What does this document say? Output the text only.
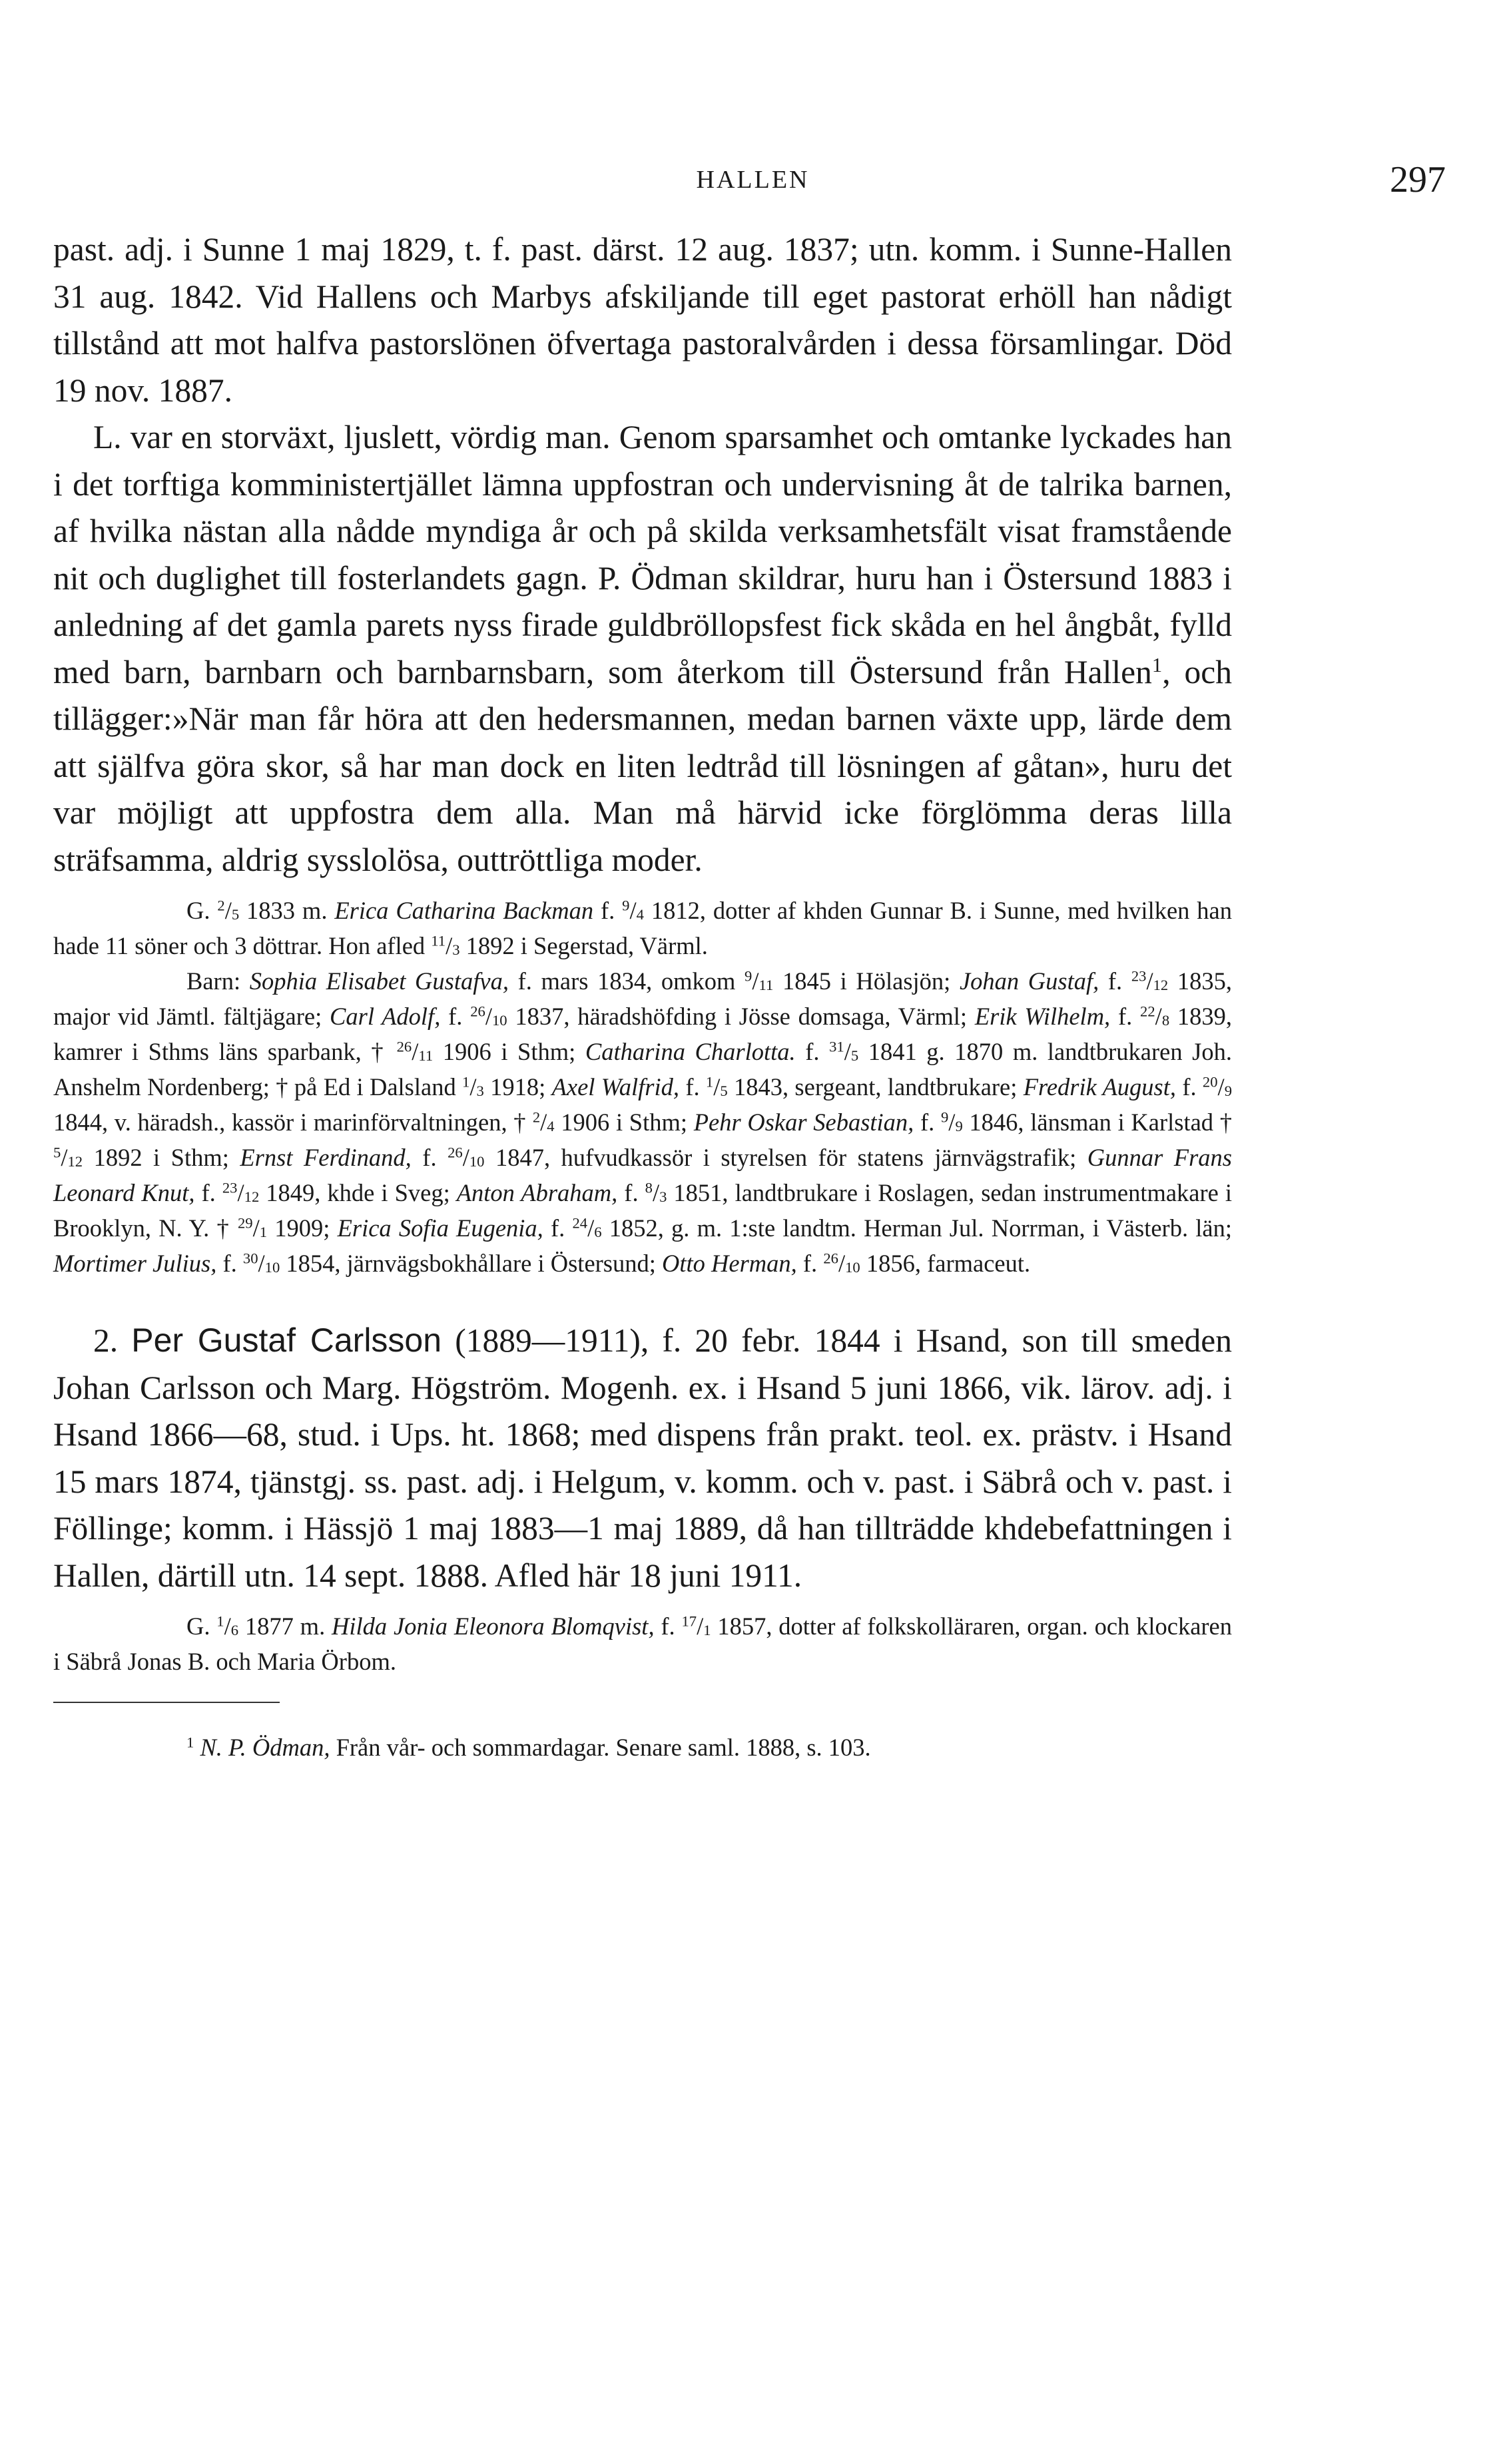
HALLEN	297

past. adj. i Sunne 1 maj 1829, t. f. past. därst. 12 aug. 1837; utn. komm. i Sunne-Hallen 31 aug. 1842. Vid Hallens och Marbys afskiljande till eget pastorat erhöll han nådigt tillstånd att mot halfva pastorslönen öfvertaga pastoralvården i dessa församlingar. Död 19 nov. 1887.

L. var en storväxt, ljuslett, vördig man. Genom sparsamhet och omtanke lyckades han i det torftiga komministertjället lämna uppfostran och undervisning åt de talrika barnen, af hvilka nästan alla nådde myndiga år och på skilda verksamhetsfält visat framstående nit och duglighet till fosterlandets gagn. P. Ödman skildrar, huru han i Östersund 1883 i anledning af det gamla parets nyss firade guldbröllopsfest fick skåda en hel ångbåt, fylld med barn, barnbarn och barnbarnsbarn, som återkom till Östersund från Hallen$^1$, och tillägger:»När man får höra att den hedersmannen, medan barnen växte upp, lärde dem att själfva göra skor, så har man dock en liten ledtråd till lösningen af gåtan», huru det var möjligt att uppfostra dem alla. Man må härvid icke förglömma deras lilla sträfsamma, aldrig sysslolösa, outtröttliga moder.

G. $^2/_5$ 1833 m. Erica Catharina Backman f. $^9/_4$ 1812, dotter af khden Gunnar B. i Sunne, med hvilken han hade 11 söner och 3 döttrar. Hon afled $^{11}/_3$ 1892 i Segerstad, Värml.

Barn: Sophia Elisabet Gustafva, f. mars 1834, omkom $^9/_{11}$ 1845 i Hölasjön; Johan Gustaf, f. $^{23}/_{12}$ 1835, major vid Jämtl. fältjägare; Carl Adolf, f. $^{26}/_{10}$ 1837, häradshöfding i Jösse domsaga, Värml; Erik Wilhelm, f. $^{22}/_8$ 1839, kamrer i Sthms läns sparbank, † $^{26}/_{11}$ 1906 i Sthm; Catharina Charlotta. f. $^{31}/_5$ 1841 g. 1870 m. landtbrukaren Joh. Anshelm Nordenberg; † på Ed i Dalsland $^1/_3$ 1918; Axel Walfrid, f. $^1/_5$ 1843, sergeant, landtbrukare; Fredrik August, f. $^{20}/_9$ 1844, v. häradsh., kassör i marinförvaltningen, † $^2/_4$ 1906 i Sthm; Pehr Oskar Sebastian, f. $^9/_9$ 1846, länsman i Karlstad † $^5/_{12}$ 1892 i Sthm; Ernst Ferdinand, f. $^{26}/_{10}$ 1847, hufvudkassör i styrelsen för statens järnvägstrafik; Gunnar Frans Leonard Knut, f. $^{23}/_{12}$ 1849, khde i Sveg; Anton Abraham, f. $^8/_3$ 1851, landtbrukare i Roslagen, sedan instrumentmakare i Brooklyn, N. Y. † $^{29}/_1$ 1909; Erica Sofia Eugenia, f. $^{24}/_6$ 1852, g. m. 1:ste landtm. Herman Jul. Norrman, i Västerb. län; Mortimer Julius, f. $^{30}/_{10}$ 1854, järnvägsbokhållare i Östersund; Otto Herman, f. $^{26}/_{10}$ 1856, farmaceut.

2. Per Gustaf Carlsson (1889—1911), f. 20 febr. 1844 i Hsand, son till smeden Johan Carlsson och Marg. Högström. Mogenh. ex. i Hsand 5 juni 1866, vik. lärov. adj. i Hsand 1866—68, stud. i Ups. ht. 1868; med dispens från prakt. teol. ex. prästv. i Hsand 15 mars 1874, tjänstgj. ss. past. adj. i Helgum, v. komm. och v. past. i Säbrå och v. past. i Föllinge; komm. i Hässjö 1 maj 1883—1 maj 1889, då han tillträdde khdebefattningen i Hallen, därtill utn. 14 sept. 1888. Afled här 18 juni 1911.

G. $^1/_6$ 1877 m. Hilda Jonia Eleonora Blomqvist, f. $^{17}/_1$ 1857, dotter af folkskolläraren, organ. och klockaren i Säbrå Jonas B. och Maria Örbom.

$^1$ N. P. Ödman, Från vår- och sommardagar. Senare saml. 1888, s. 103.
